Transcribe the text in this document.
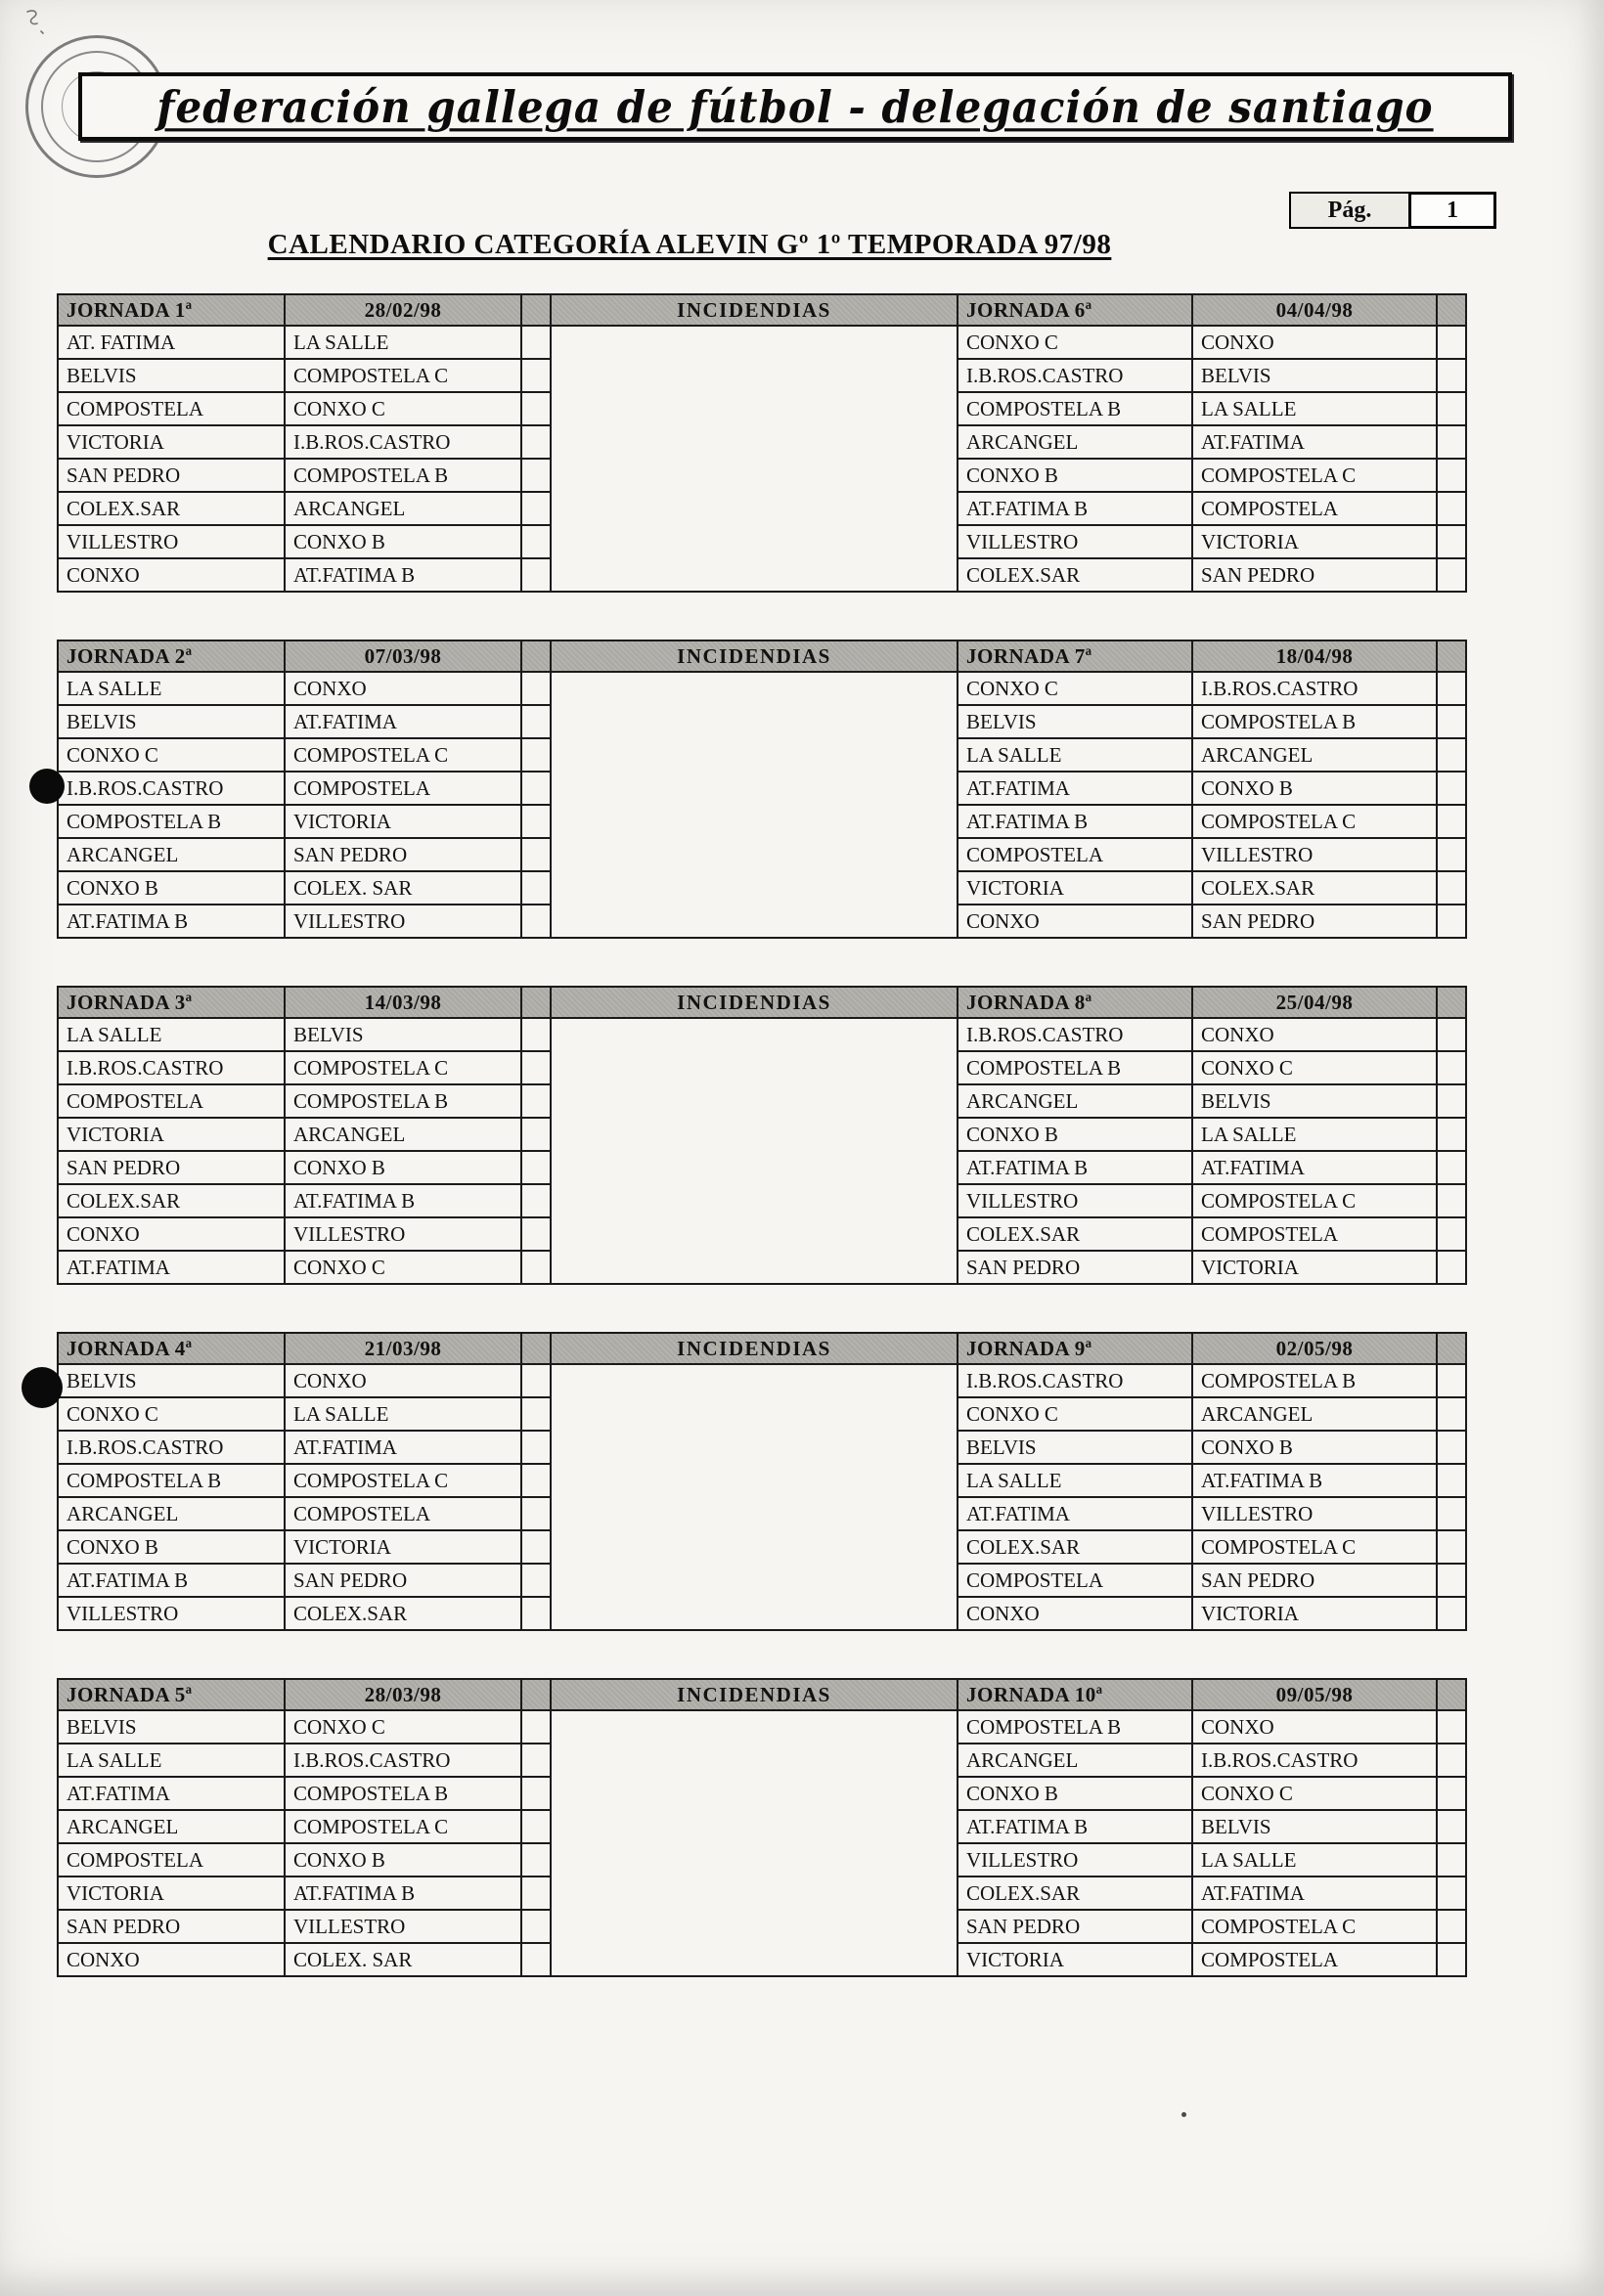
federación gallega de fútbol - delegación de santiago
Pág.	1
CALENDARIO CATEGORÍA ALEVIN Gº 1º TEMPORADA 97/98
JORNADA 1ª	28/02/98		INCIDENDIAS	JORNADA 6ª	04/04/98	
AT. FATIMA	LA SALLE			CONXO C	CONXO	
BELVIS	COMPOSTELA C			I.B.ROS.CASTRO	BELVIS	
COMPOSTELA	CONXO C			COMPOSTELA B	LA SALLE	
VICTORIA	I.B.ROS.CASTRO			ARCANGEL	AT.FATIMA	
SAN PEDRO	COMPOSTELA B			CONXO B	COMPOSTELA C	
COLEX.SAR	ARCANGEL			AT.FATIMA B	COMPOSTELA	
VILLESTRO	CONXO B			VILLESTRO	VICTORIA	
CONXO	AT.FATIMA B			COLEX.SAR	SAN PEDRO	
JORNADA 2ª	07/03/98		INCIDENDIAS	JORNADA 7ª	18/04/98	
LA SALLE	CONXO			CONXO C	I.B.ROS.CASTRO	
BELVIS	AT.FATIMA			BELVIS	COMPOSTELA B	
CONXO C	COMPOSTELA C			LA SALLE	ARCANGEL	
I.B.ROS.CASTRO	COMPOSTELA			AT.FATIMA	CONXO B	
COMPOSTELA B	VICTORIA			AT.FATIMA B	COMPOSTELA C	
ARCANGEL	SAN PEDRO			COMPOSTELA	VILLESTRO	
CONXO B	COLEX. SAR			VICTORIA	COLEX.SAR	
AT.FATIMA B	VILLESTRO			CONXO	SAN PEDRO	
JORNADA 3ª	14/03/98		INCIDENDIAS	JORNADA 8ª	25/04/98	
LA SALLE	BELVIS			I.B.ROS.CASTRO	CONXO	
I.B.ROS.CASTRO	COMPOSTELA C			COMPOSTELA B	CONXO C	
COMPOSTELA	COMPOSTELA B			ARCANGEL	BELVIS	
VICTORIA	ARCANGEL			CONXO B	LA SALLE	
SAN PEDRO	CONXO B			AT.FATIMA B	AT.FATIMA	
COLEX.SAR	AT.FATIMA B			VILLESTRO	COMPOSTELA C	
CONXO	VILLESTRO			COLEX.SAR	COMPOSTELA	
AT.FATIMA	CONXO C			SAN PEDRO	VICTORIA	
JORNADA 4ª	21/03/98		INCIDENDIAS	JORNADA 9ª	02/05/98	
BELVIS	CONXO			I.B.ROS.CASTRO	COMPOSTELA B	
CONXO C	LA SALLE			CONXO C	ARCANGEL	
I.B.ROS.CASTRO	AT.FATIMA			BELVIS	CONXO B	
COMPOSTELA B	COMPOSTELA C			LA SALLE	AT.FATIMA B	
ARCANGEL	COMPOSTELA			AT.FATIMA	VILLESTRO	
CONXO B	VICTORIA			COLEX.SAR	COMPOSTELA C	
AT.FATIMA B	SAN PEDRO			COMPOSTELA	SAN PEDRO	
VILLESTRO	COLEX.SAR			CONXO	VICTORIA	
JORNADA 5ª	28/03/98		INCIDENDIAS	JORNADA 10ª	09/05/98	
BELVIS	CONXO C			COMPOSTELA B	CONXO	
LA SALLE	I.B.ROS.CASTRO			ARCANGEL	I.B.ROS.CASTRO	
AT.FATIMA	COMPOSTELA B			CONXO B	CONXO C	
ARCANGEL	COMPOSTELA C			AT.FATIMA B	BELVIS	
COMPOSTELA	CONXO B			VILLESTRO	LA SALLE	
VICTORIA	AT.FATIMA B			COLEX.SAR	AT.FATIMA	
SAN PEDRO	VILLESTRO			SAN PEDRO	COMPOSTELA C	
CONXO	COLEX. SAR			VICTORIA	COMPOSTELA	
